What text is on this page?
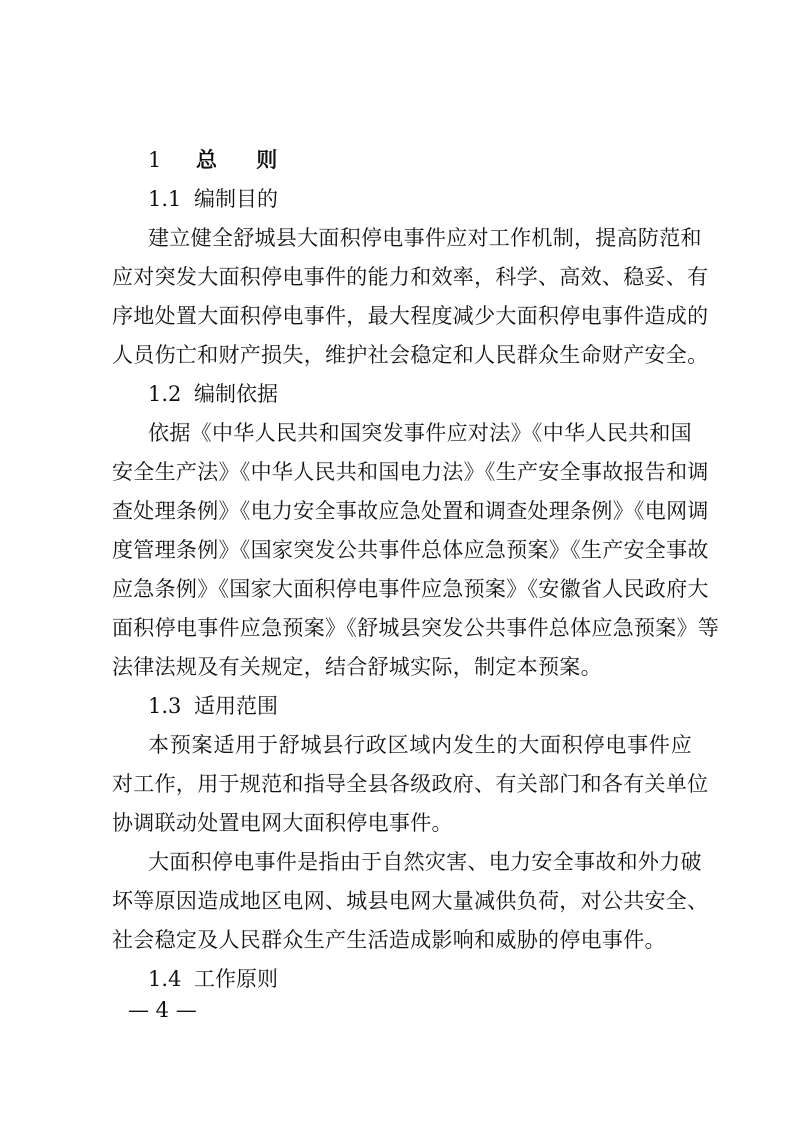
1 总 则
1.1 编制目的
建立健全舒城县大面积停电事件应对工作机制，提高防范和
应对突发大面积停电事件的能力和效率，科学、高效、稳妥、有
序地处置大面积停电事件，最大程度减少大面积停电事件造成的
人员伤亡和财产损失，维护社会稳定和人民群众生命财产安全。
1.2 编制依据
依据《中华人民共和国突发事件应对法》《中华人民共和国
安全生产法》《中华人民共和国电力法》《生产安全事故报告和调
查处理条例》《电力安全事故应急处置和调查处理条例》《电网调
度管理条例》《国家突发公共事件总体应急预案》《生产安全事故
应急条例》《国家大面积停电事件应急预案》《安徽省人民政府大
面积停电事件应急预案》《舒城县突发公共事件总体应急预案》等
法律法规及有关规定，结合舒城实际，制定本预案。
1.3 适用范围
本预案适用于舒城县行政区域内发生的大面积停电事件应
对工作，用于规范和指导全县各级政府、有关部门和各有关单位
协调联动处置电网大面积停电事件。
大面积停电事件是指由于自然灾害、电力安全事故和外力破
坏等原因造成地区电网、城县电网大量减供负荷，对公共安全、
社会稳定及人民群众生产生活造成影响和威胁的停电事件。
1.4 工作原则
— 4 —
